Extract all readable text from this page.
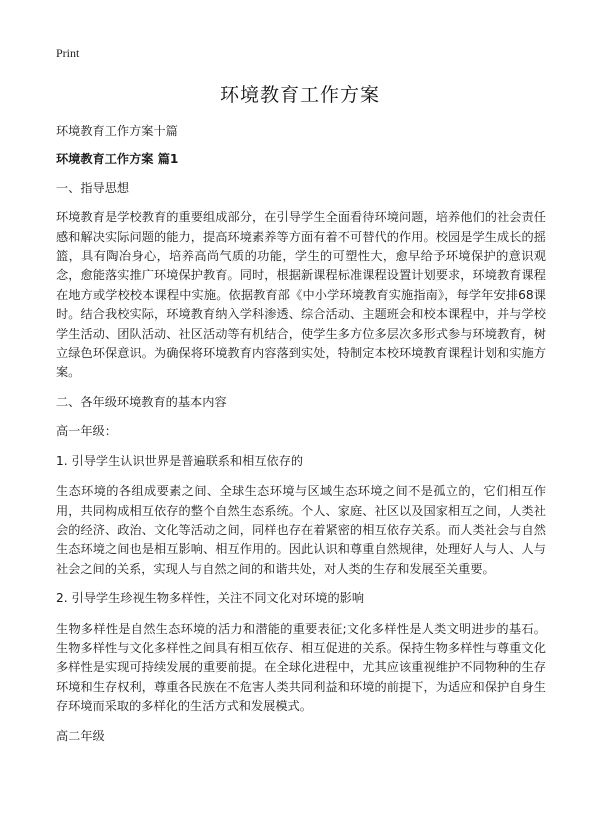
Print
环境教育工作方案

环境教育工作方案十篇

环境教育工作方案 篇1

一、指导思想

环境教育是学校教育的重要组成部分，在引导学生全面看待环境问题，培养他们的社会责任感和解决实际问题的能力，提高环境素养等方面有着不可替代的作用。校园是学生成长的摇篮，具有陶冶身心，培养高尚气质的功能，学生的可塑性大，愈早给予环境保护的意识观念，愈能落实推广环境保护教育。同时，根据新课程标准课程设置计划要求，环境教育课程在地方或学校校本课程中实施。依据教育部《中小学环境教育实施指南》，每学年安排68课时。结合我校实际，环境教育纳入学科渗透、综合活动、主题班会和校本课程中，并与学校学生活动、团队活动、社区活动等有机结合，使学生多方位多层次多形式参与环境教育，树立绿色环保意识。为确保将环境教育内容落到实处，特制定本校环境教育课程计划和实施方案。

二、各年级环境教育的基本内容

高一年级：

1. 引导学生认识世界是普遍联系和相互依存的

生态环境的各组成要素之间、全球生态环境与区域生态环境之间不是孤立的，它们相互作用，共同构成相互依存的整个自然生态系统。个人、家庭、社区以及国家相互之间，人类社会的经济、政治、文化等活动之间，同样也存在着紧密的相互依存关系。而人类社会与自然生态环境之间也是相互影响、相互作用的。因此认识和尊重自然规律，处理好人与人、人与社会之间的关系，实现人与自然之间的和谐共处，对人类的生存和发展至关重要。

2. 引导学生珍视生物多样性，关注不同文化对环境的影响

生物多样性是自然生态环境的活力和潜能的重要表征;文化多样性是人类文明进步的基石。生物多样性与文化多样性之间具有相互依存、相互促进的关系。保持生物多样性与尊重文化多样性是实现可持续发展的重要前提。在全球化进程中，尤其应该重视维护不同物种的生存环境和生存权利，尊重各民族在不危害人类共同利益和环境的前提下，为适应和保护自身生存环境而采取的多样化的生活方式和发展模式。

高二年级
